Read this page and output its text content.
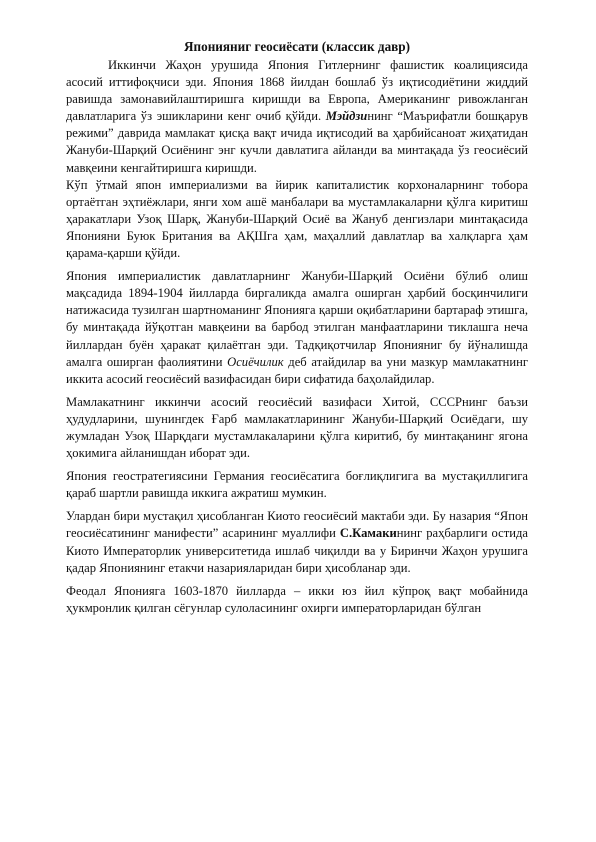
Японияниг геосиёсати (классик давр)

Иккинчи Жаҳон урушида Япония Гитлернинг фашистик коалициясида асосий иттифоқчиси эди. Япония 1868 йилдан бошлаб ўз иқтисодиётини жиддий равишда замонавийлаштиришга киришди ва Европа, Американинг ривожланган давлатларига ўз эшикларини кенг очиб қўйди. Мэйдзининг “Маърифатли бошқарув режими” даврида мамлакат қисқа вақт ичида иқтисодий ва ҳарбийсаноат жиҳатидан Жануби-Шарқий Осиёнинг энг кучли давлатига айланди ва минтақада ўз геосиёсий мавқеини кенгайтиришга киришди.

Кўп ўтмай япон империализми ва йирик капиталистик корхоналарнинг тобора ортаётган эҳтиёжлари, янги хом ашё манбалари ва мустамлакаларни қўлга киритиш ҳаракатлари Узоқ Шарқ, Жануби-Шарқий Осиё ва Жануб денгизлари минтақасида Японияни Буюк Британия ва АҚШга ҳам, маҳаллий давлатлар ва халқларга ҳам қарама-қарши қўйди.

Япония империалистик давлатларнинг Жануби-Шарқий Осиёни бўлиб олиш мақсадида 1894-1904 йилларда биргаликда амалга оширган ҳарбий босқинчилиги натижасида тузилган шартноманинг Японияга қарши оқибатларини бартараф этишга, бу минтақада йўқотган мавқеини ва барбод этилган манфаатларини тиклашга неча йиллардан буён ҳаракат қилаётган эди. Тадқиқотчилар Японияниг бу йўналишда амалга оширган фаолиятини Осиёчилик деб атайдилар ва уни мазкур мамлакатнинг иккита асосий геосиёсий вазифасидан бири сифатида баҳолайдилар.

Мамлакатнинг иккинчи асосий геосиёсий вазифаси Хитой, СССРнинг баъзи ҳудудларини, шунингдек Ғарб мамлакатларининг Жануби-Шарқий Осиёдаги, шу жумладан Узоқ Шарқдаги мустамлакаларини қўлга киритиб, бу минтақанинг ягона ҳокимига айланишдан иборат эди.

Япония геостратегиясини Германия геосиёсатига боғлиқлигига ва мустақиллигига қараб шартли равишда иккига ажратиш мумкин.

Улардан бири мустақил ҳисобланган Киото геосиёсий мактаби эди. Бу назария “Япон геосиёсатининг манифести” асарининг муаллифи С.Камакининг раҳбарлиги остида Киото Императорлик университетида ишлаб чиқилди ва у Биринчи Жаҳон урушига қадар Япониянинг етакчи назарияларидан бири ҳисобланар эди.

Феодал Японияга 1603-1870 йилларда – икки юз йил кўпроқ вақт мобайнида ҳукмронлик қилган сёгунлар сулоласининг охирги императорларидан бўлган
